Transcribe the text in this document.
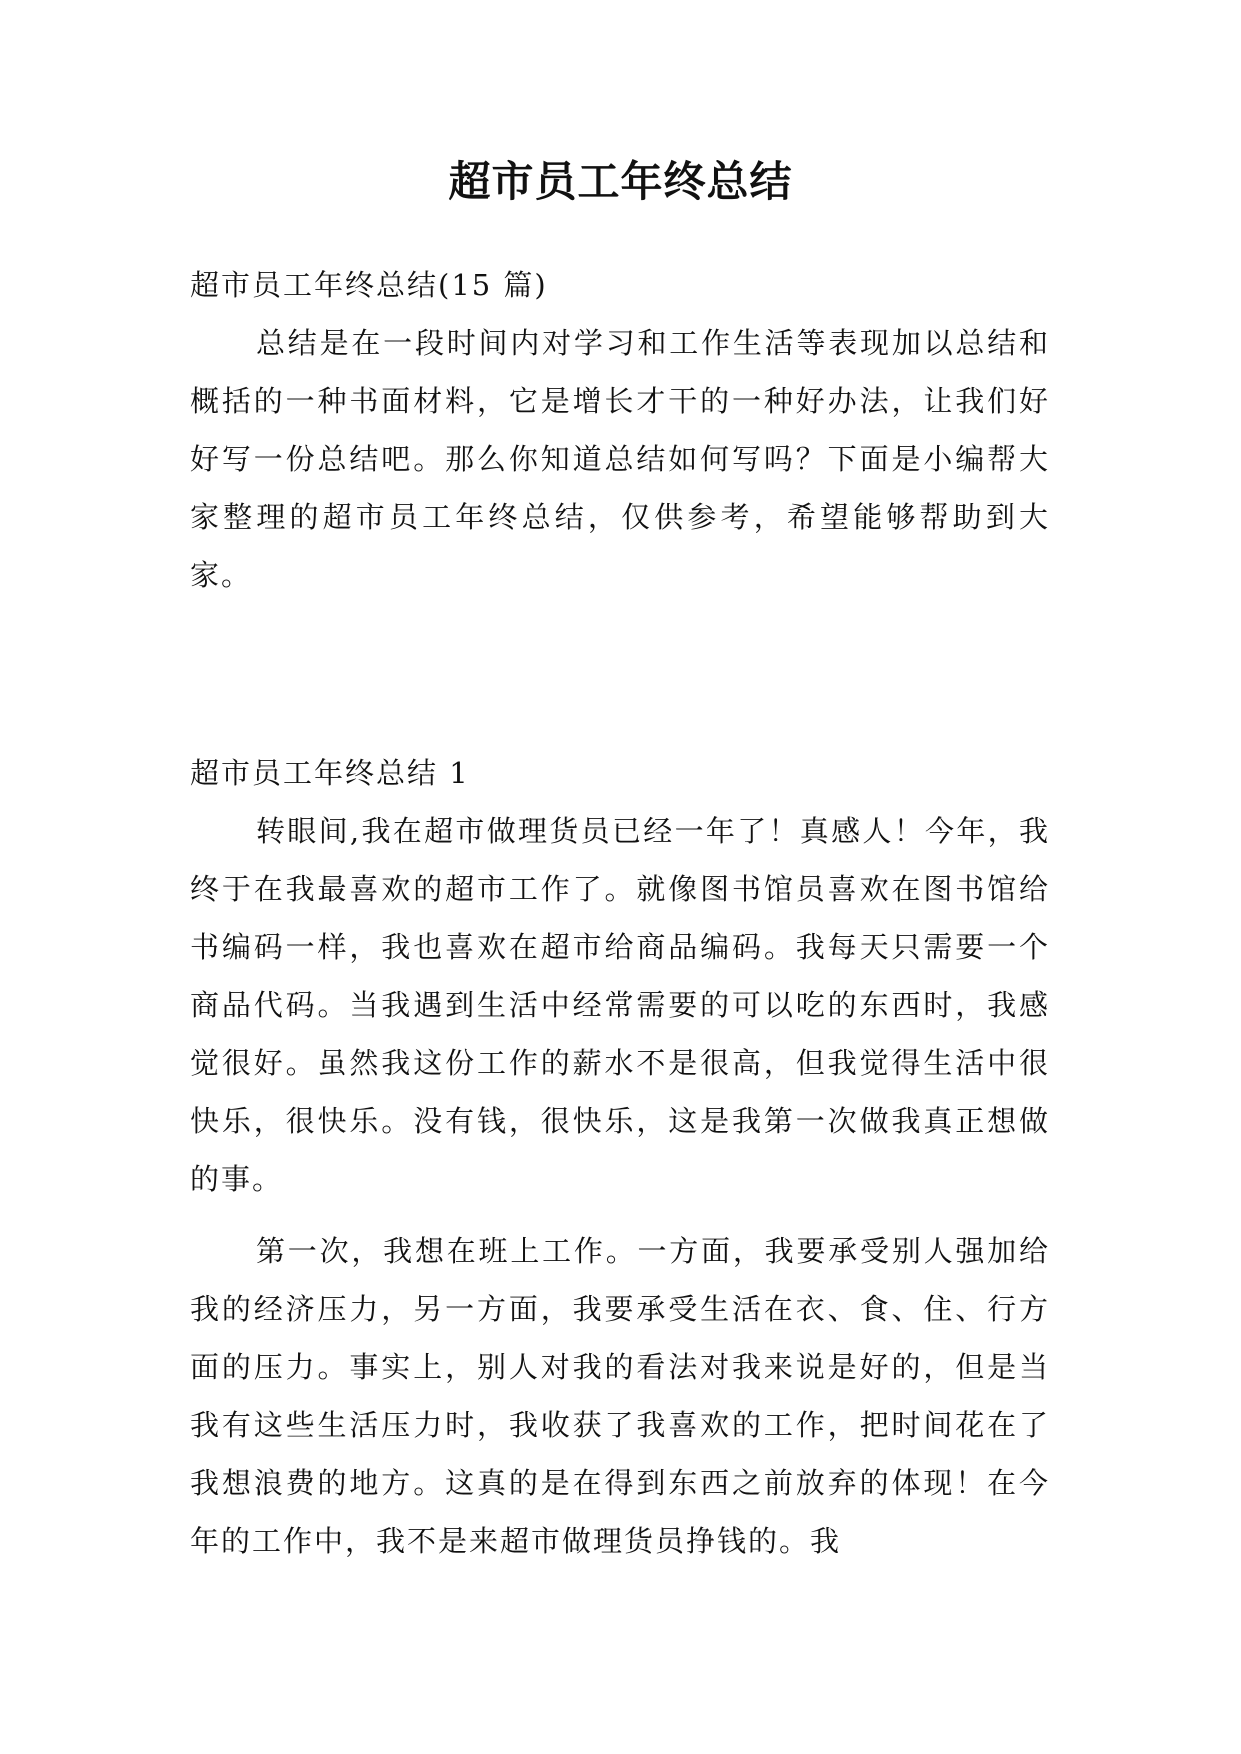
超市员工年终总结

超市员工年终总结(15 篇)

总结是在一段时间内对学习和工作生活等表现加以总结和概括的一种书面材料，它是增长才干的一种好办法，让我们好好写一份总结吧。那么你知道总结如何写吗？下面是小编帮大家整理的超市员工年终总结，仅供参考，希望能够帮助到大家。

超市员工年终总结 1

转眼间,我在超市做理货员已经一年了！真感人！今年，我终于在我最喜欢的超市工作了。就像图书馆员喜欢在图书馆给书编码一样，我也喜欢在超市给商品编码。我每天只需要一个商品代码。当我遇到生活中经常需要的可以吃的东西时，我感觉很好。虽然我这份工作的薪水不是很高，但我觉得生活中很快乐，很快乐。没有钱，很快乐，这是我第一次做我真正想做的事。

第一次，我想在班上工作。一方面，我要承受别人强加给我的经济压力，另一方面，我要承受生活在衣、食、住、行方面的压力。事实上，别人对我的看法对我来说是好的，但是当我有这些生活压力时，我收获了我喜欢的工作，把时间花在了我想浪费的地方。这真的是在得到东西之前放弃的体现！在今年的工作中，我不是来超市做理货员挣钱的。我
